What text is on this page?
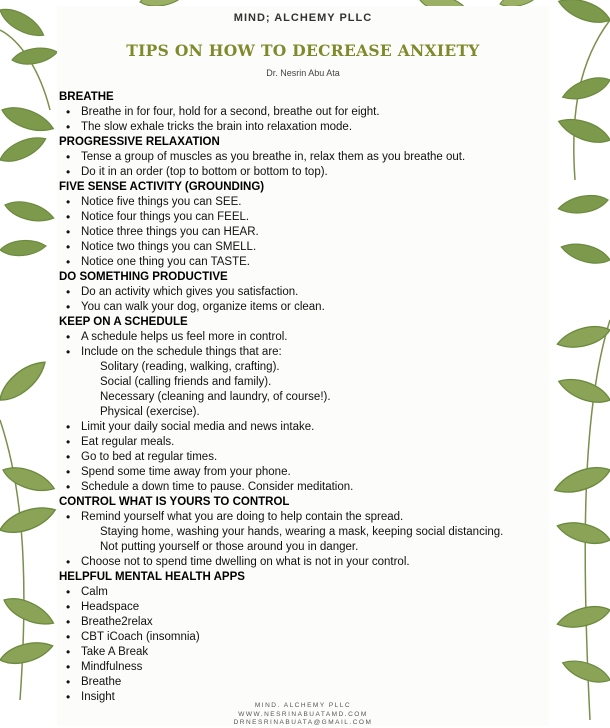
MIND; ALCHEMY PLLC
TIPS ON HOW TO DECREASE ANXIETY
Dr. Nesrin Abu Ata
BREATHE
• Breathe in for four, hold for a second, breathe out for eight.
• The slow exhale tricks the brain into relaxation mode.
PROGRESSIVE RELAXATION
• Tense a group of muscles as you breathe in, relax them as you breathe out.
• Do it in an order (top to bottom or bottom to top).
FIVE SENSE ACTIVITY (GROUNDING)
• Notice five things you can SEE.
• Notice four things you can FEEL.
• Notice three things you can HEAR.
• Notice two things you can SMELL.
• Notice one thing you can TASTE.
DO SOMETHING PRODUCTIVE
• Do an activity which gives you satisfaction.
• You can walk your dog, organize items or clean.
KEEP ON A SCHEDULE
• A schedule helps us feel more in control.
• Include on the schedule things that are:
Solitary (reading, walking, crafting).
Social (calling friends and family).
Necessary (cleaning and laundry, of course!).
Physical (exercise).
• Limit your daily social media and news intake.
• Eat regular meals.
• Go to bed at regular times.
• Spend some time away from your phone.
• Schedule a down time to pause. Consider meditation.
CONTROL WHAT IS YOURS TO CONTROL
• Remind yourself what you are doing to help contain the spread.
Staying home, washing your hands, wearing a mask, keeping social distancing.
Not putting yourself or those around you in danger.
• Choose not to spend time dwelling on what is not in your control.
HELPFUL MENTAL HEALTH APPS
• Calm
• Headspace
• Breathe2relax
• CBT iCoach (insomnia)
• Take A Break
• Mindfulness
• Breathe
• Insight
MIND. ALCHEMY PLLC
WWW.NESRINABUATAMD.COM
DRNESRINABUATA@GMAIL.COM
